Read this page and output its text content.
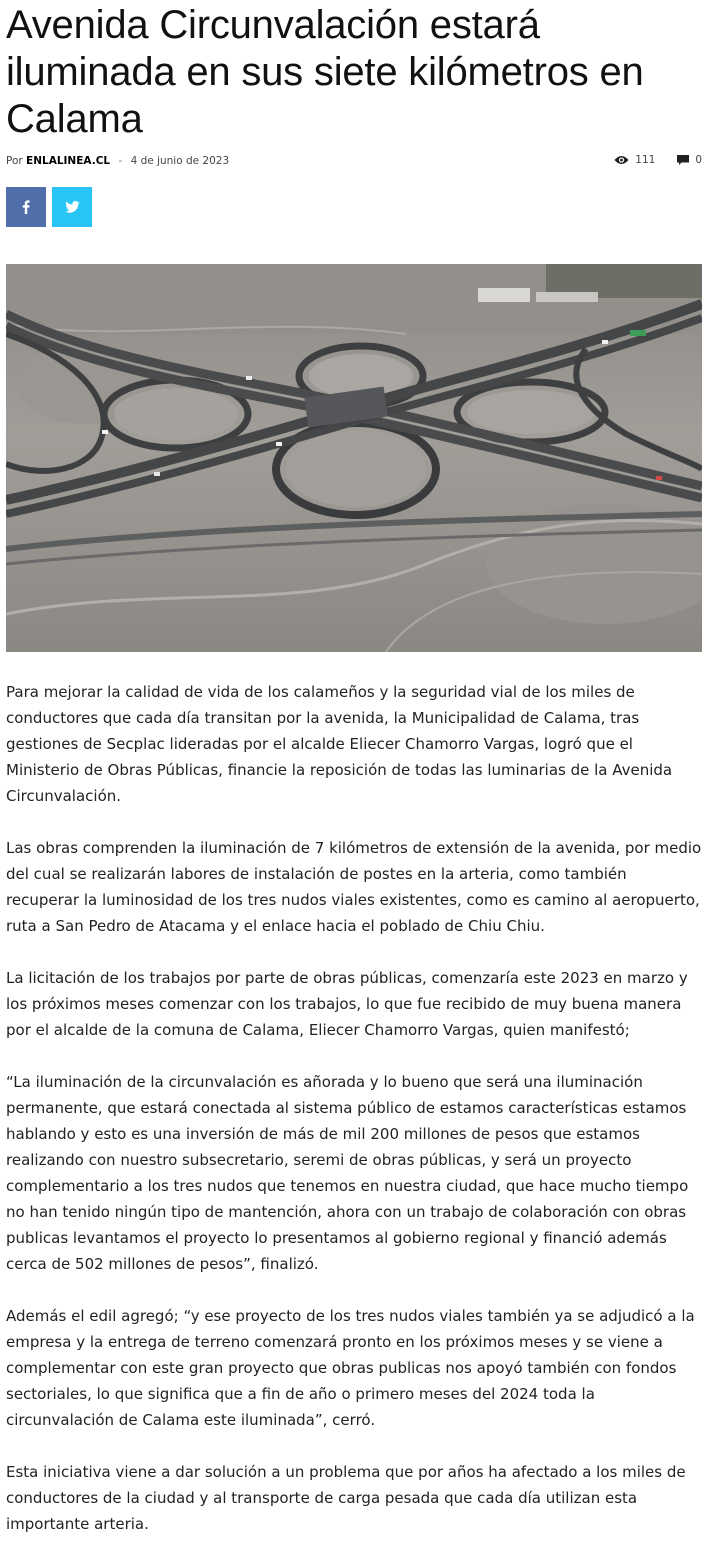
Avenida Circunvalación estará iluminada en sus siete kilómetros en Calama
Por ENLALINEA.CL - 4 de junio de 2023	111	0

Para mejorar la calidad de vida de los calameños y la seguridad vial de los miles de conductores que cada día transitan por la avenida, la Municipalidad de Calama, tras gestiones de Secplac lideradas por el alcalde Eliecer Chamorro Vargas, logró que el Ministerio de Obras Públicas, financie la reposición de todas las luminarias de la Avenida Circunvalación.

Las obras comprenden la iluminación de 7 kilómetros de extensión de la avenida, por medio del cual se realizarán labores de instalación de postes en la arteria, como también recuperar la luminosidad de los tres nudos viales existentes, como es camino al aeropuerto, ruta a San Pedro de Atacama y el enlace hacia el poblado de Chiu Chiu.

La licitación de los trabajos por parte de obras públicas, comenzaría este 2023 en marzo y los próximos meses comenzar con los trabajos, lo que fue recibido de muy buena manera por el alcalde de la comuna de Calama, Eliecer Chamorro Vargas, quien manifestó;

“La iluminación de la circunvalación es añorada y lo bueno que será una iluminación permanente, que estará conectada al sistema público de estamos características estamos hablando y esto es una inversión de más de mil 200 millones de pesos que estamos realizando con nuestro subsecretario, seremi de obras públicas, y será un proyecto complementario a los tres nudos que tenemos en nuestra ciudad, que hace mucho tiempo no han tenido ningún tipo de mantención, ahora con un trabajo de colaboración con obras publicas levantamos el proyecto lo presentamos al gobierno regional y financió además cerca de 502 millones de pesos”, finalizó.

Además el edil agregó; “y ese proyecto de los tres nudos viales también ya se adjudicó a la empresa y la entrega de terreno comenzará pronto en los próximos meses y se viene a complementar con este gran proyecto que obras publicas nos apoyó también con fondos sectoriales, lo que significa que a fin de año o primero meses del 2024 toda la circunvalación de Calama este iluminada”, cerró.

Esta iniciativa viene a dar solución a un problema que por años ha afectado a los miles de conductores de la ciudad y al transporte de carga pesada que cada día utilizan esta importante arteria.
